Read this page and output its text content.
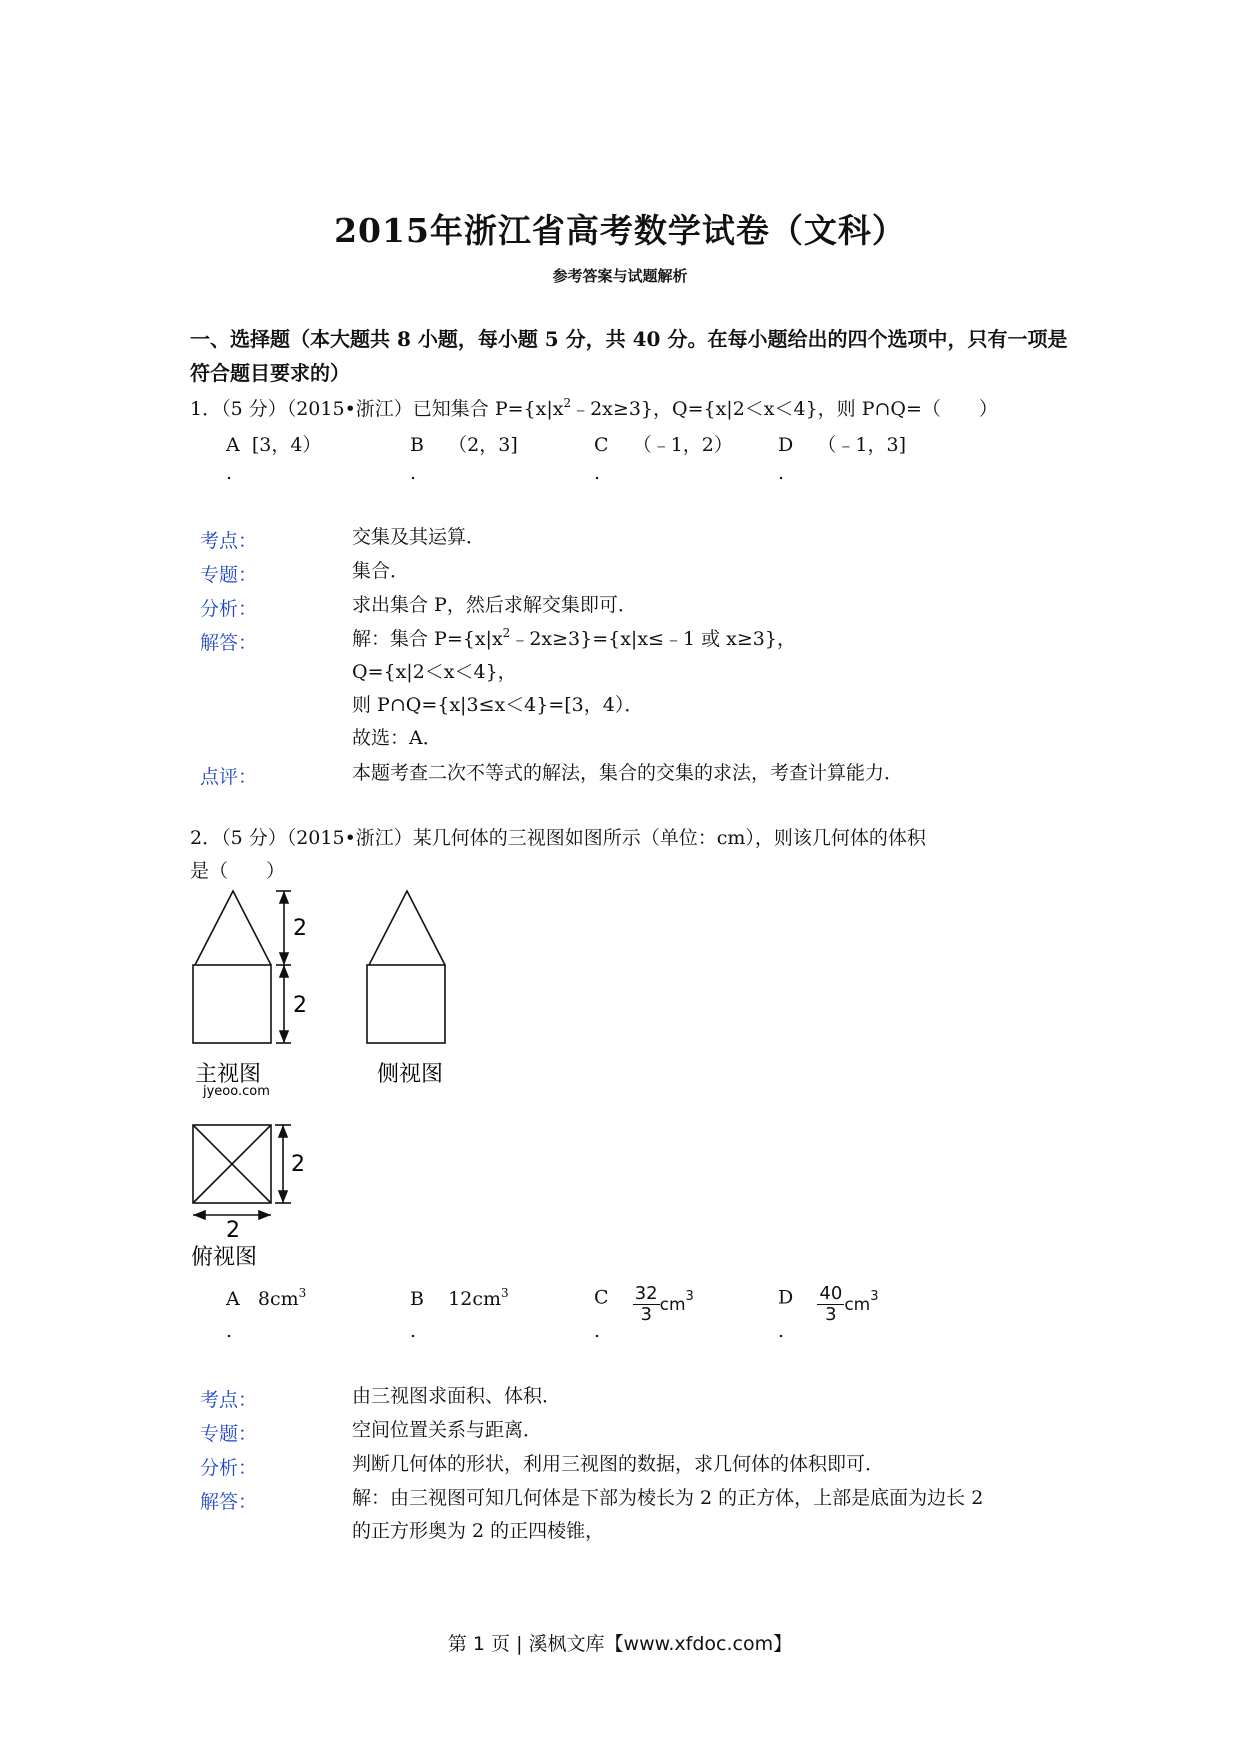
2015年浙江省高考数学试卷（文科）
参考答案与试题解析
一、选择题（本大题共 8 小题，每小题 5 分，共 40 分。在每小题给出的四个选项中，只有一项是符合题目要求的）
1．（5 分）（2015•浙江）已知集合 $P=\{x|x^2﹣2x\ge 3\}$，Q={x|2＜x＜4}，则 P∩Q=（　　）
A [3，4）	B （2，3]	C （﹣1，2） D （﹣1，3]
.	.	.	.
考点：	交集及其运算．
专题：	集合．
分析：	求出集合 P，然后求解交集即可．
解答：	解：集合 $P=\{x|x^2﹣2x\ge 3\}=\{x|x\le﹣1$ 或 x≥3}，
Q={x|2＜x＜4}，
则 P∩Q={x|3≤x＜4}=[3，4）．
故选：A．
点评：	本题考查二次不等式的解法，集合的交集的求法，考查计算能力．
2．（5 分）（2015•浙江）某几何体的三视图如图所示（单位：cm），则该几何体的体积
是（　　）
2
2
主视图
jyeoo.com
侧视图
2
2
俯视图
A $8cm^3$	B $12cm^3$	C $\frac{32}{3} cm^3$	D $\frac{40}{3} cm^3$
.	.	.	.
考点：	由三视图求面积、体积．
专题：	空间位置关系与距离．
分析：	判断几何体的形状，利用三视图的数据，求几何体的体积即可．
解答：	解：由三视图可知几何体是下部为棱长为 2 的正方体，上部是底面为边长 2
的正方形奥为 2 的正四棱锥，
第 1 页 | 溪枫文库【www.xfdoc.com】
